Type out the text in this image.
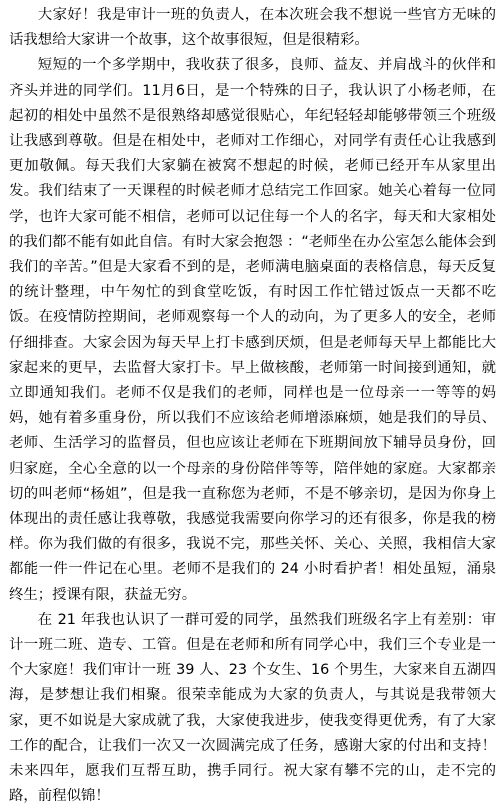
大家好！我是审计一班的负责人，在本次班会我不想说一些官方无味的话我想给大家讲一个故事，这个故事很短，但是很精彩。

短短的一个多学期中，我收获了很多，良师、益友、并肩战斗的伙伴和齐头并进的同学们。11月6日，是一个特殊的日子，我认识了小杨老师，在起初的相处中虽然不是很熟络却感觉很贴心，年纪轻轻却能够带领三个班级让我感到尊敬。但是在相处中，老师对工作细心，对同学有责任心让我感到更加敬佩。每天我们大家躺在被窝不想起的时候，老师已经开车从家里出发。我们结束了一天课程的时候老师才总结完工作回家。她关心着每一位同学，也许大家可能不相信，老师可以记住每一个人的名字，每天和大家相处的我们都不能有如此自信。有时大家会抱怨 ：“老师坐在办公室怎么能体会到我们的辛苦。”但是大家看不到的是，老师满电脑桌面的表格信息，每天反复的统计整理，中午匆忙的到食堂吃饭，有时因工作忙错过饭点一天都不吃饭。在疫情防控期间，老师观察每一个人的动向，为了更多人的安全，老师仔细排查。大家会因为每天早上打卡感到厌烦，但是老师每天早上都能比大家起来的更早，去监督大家打卡。早上做核酸，老师第一时间接到通知，就立即通知我们。老师不仅是我们的老师，同样也是一位母亲一一等等的妈妈，她有着多重身份，所以我们不应该给老师增添麻烦，她是我们的导员、老师、生活学习的监督员，但也应该让老师在下班期间放下辅导员身份，回归家庭，全心全意的以一个母亲的身份陪伴等等，陪伴她的家庭。大家都亲切的叫老师“杨姐”，但是我一直称您为老师，不是不够亲切，是因为你身上体现出的责任感让我尊敬，我感觉我需要向你学习的还有很多，你是我的榜样。你为我们做的有很多，我说不完，那些关怀、关心、关照，我相信大家都能一件一件记在心里。老师不是我们的 24 小时看护者！相处虽短，涌泉终生；授课有限，获益无穷。

在 21 年我也认识了一群可爱的同学，虽然我们班级名字上有差别：审计一班二班、造专、工管。但是在老师和所有同学心中，我们三个专业是一个大家庭！我们审计一班 39 人、23 个女生、16 个男生，大家来自五湖四海，是梦想让我们相聚。很荣幸能成为大家的负责人，与其说是我带领大家，更不如说是大家成就了我，大家使我进步，使我变得更优秀，有了大家工作的配合，让我们一次又一次圆满完成了任务，感谢大家的付出和支持！未来四年，愿我们互帮互助，携手同行。祝大家有攀不完的山，走不完的路，前程似锦！
